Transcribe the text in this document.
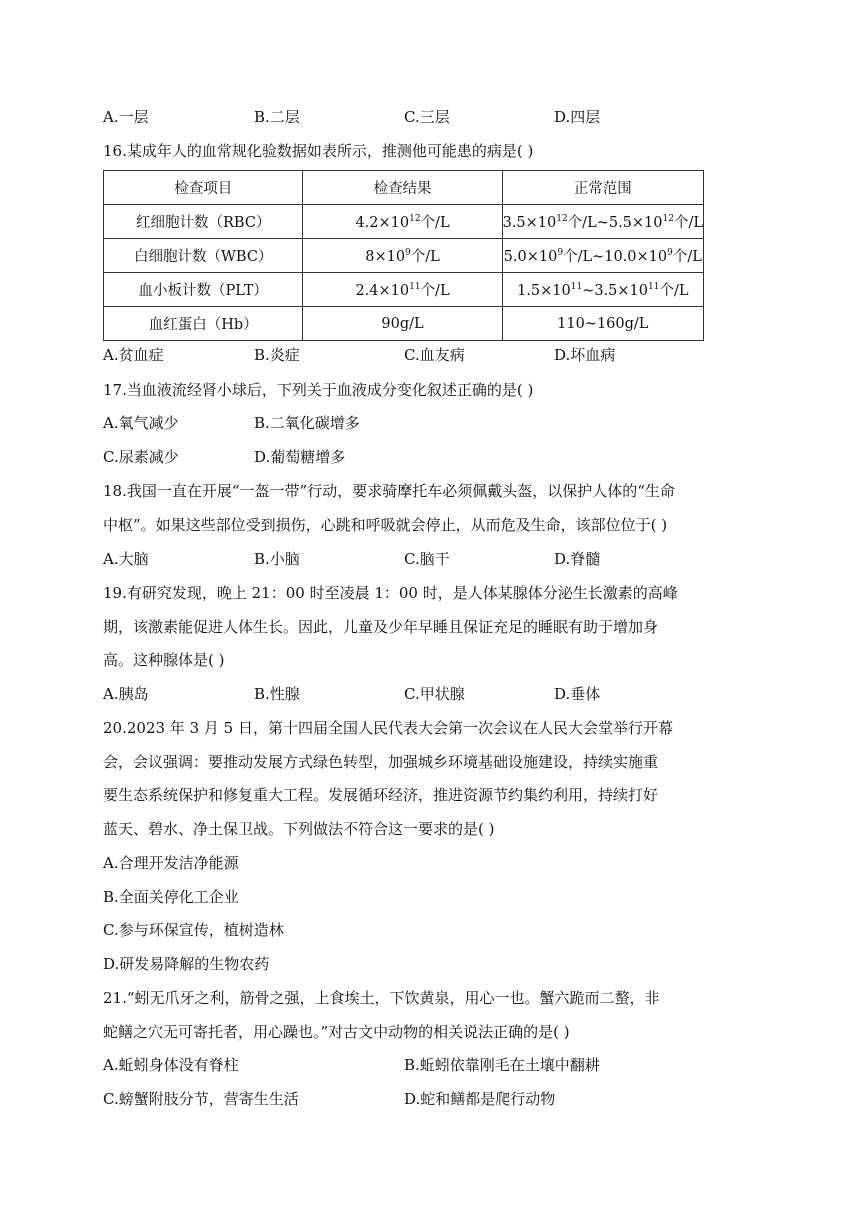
A.一层	B.二层	C.三层	D.四层
16.某成年人的血常规化验数据如表所示，推测他可能患的病是( )
检查项目	检查结果	正常范围
红细胞计数（RBC）	$4.2\times 10^{12}$个/L	$3.5\times 10^{12}$个$/L\sim 5.5\times 10^{12}$个/L
白细胞计数（WBC）	$8\times 10^9$个/L	$5.0\times 10^9$个$/L\sim 10.0\times 10^9$个/L
血小板计数（PLT）	$2.4\times 10^{11}$个/L	$1.5\times 10^{11}\sim 3.5\times 10^{11}$个/L
血红蛋白（Hb）	90g/L	110~160g/L
A.贫血症	B.炎症	C.血友病	D.坏血病
17.当血液流经肾小球后，下列关于血液成分变化叙述正确的是( )
A.氧气减少	B.二氧化碳增多
C.尿素减少	D.葡萄糖增多
18.我国一直在开展“一盔一带”行动，要求骑摩托车必须佩戴头盔，以保护人体的“生命
中枢”。如果这些部位受到损伤，心跳和呼吸就会停止，从而危及生命，该部位位于( )
A.大脑	B.小脑	C.脑干	D.脊髓
19.有研究发现，晚上 21：00 时至凌晨 1：00 时，是人体某腺体分泌生长激素的高峰
期，该激素能促进人体生长。因此，儿童及少年早睡且保证充足的睡眠有助于增加身
高。这种腺体是( )
A.胰岛	B.性腺	C.甲状腺	D.垂体
20.2023 年 3 月 5 日，第十四届全国人民代表大会第一次会议在人民大会堂举行开幕
会，会议强调：要推动发展方式绿色转型，加强城乡环境基础设施建设，持续实施重
要生态系统保护和修复重大工程。发展循环经济，推进资源节约集约利用，持续打好
蓝天、碧水、净土保卫战。下列做法不符合这一要求的是( )
A.合理开发洁净能源
B.全面关停化工企业
C.参与环保宣传，植树造林
D.研发易降解的生物农药
21.“蚓无爪牙之利，筋骨之强，上食埃土，下饮黄泉，用心一也。蟹六跪而二螯，非
蛇鳝之穴无可寄托者，用心躁也。”对古文中动物的相关说法正确的是( )
A.蚯蚓身体没有脊柱	B.蚯蚓依靠刚毛在土壤中翻耕
C.螃蟹附肢分节，营寄生生活	D.蛇和鳝都是爬行动物
